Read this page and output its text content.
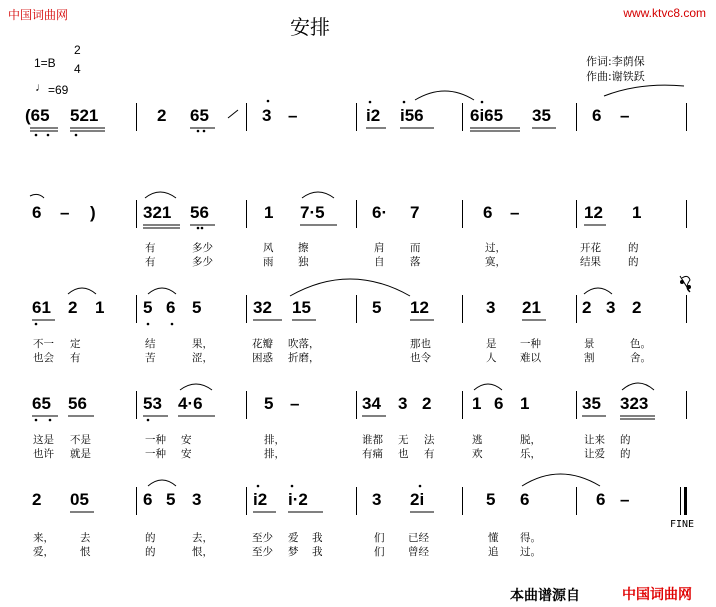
中国词曲网	www.ktvc8.com
安排
作词:李荫保
作曲:谢铁跃
1=B
2
4
♩ =69
(65 521	2 65	3 –	i2 i56	6i65 35 6 –
6 – )	321 56	1 7·5	6· 7	6 –	12 1
有	多少	风 擦	肩 而	过，	开花	的
有	多少	雨 独	自 落	寞，	结果	的
61 2 1 5 6 5	32 15	5 12	3 21 2 3 2
不一 定	结	果，	花瓣 吹落，	那也	是 一种	景	色。
也会 有	苦	涩，	困惑 折磨，	也令	人 难以	割	舍。
65 56	53 4·6	5 –	34 3 2 1 6 1	35 323
这是 不是	一种 安	排，	谁都 无 法	逃	脱，	让来 的
也许 就是	一种 安	排，	有痛 也 有	欢	乐，	让爱 的
2 05	6 5 3	i2 i·2	3 2i	5 6	6 –
FINE
来， 去	的	去，	至少 爱 我	们 已经	懂 得。
爱， 恨	的	恨，	至少 梦 我	们 曾经	追 过。
本曲谱源自	中国词曲网
